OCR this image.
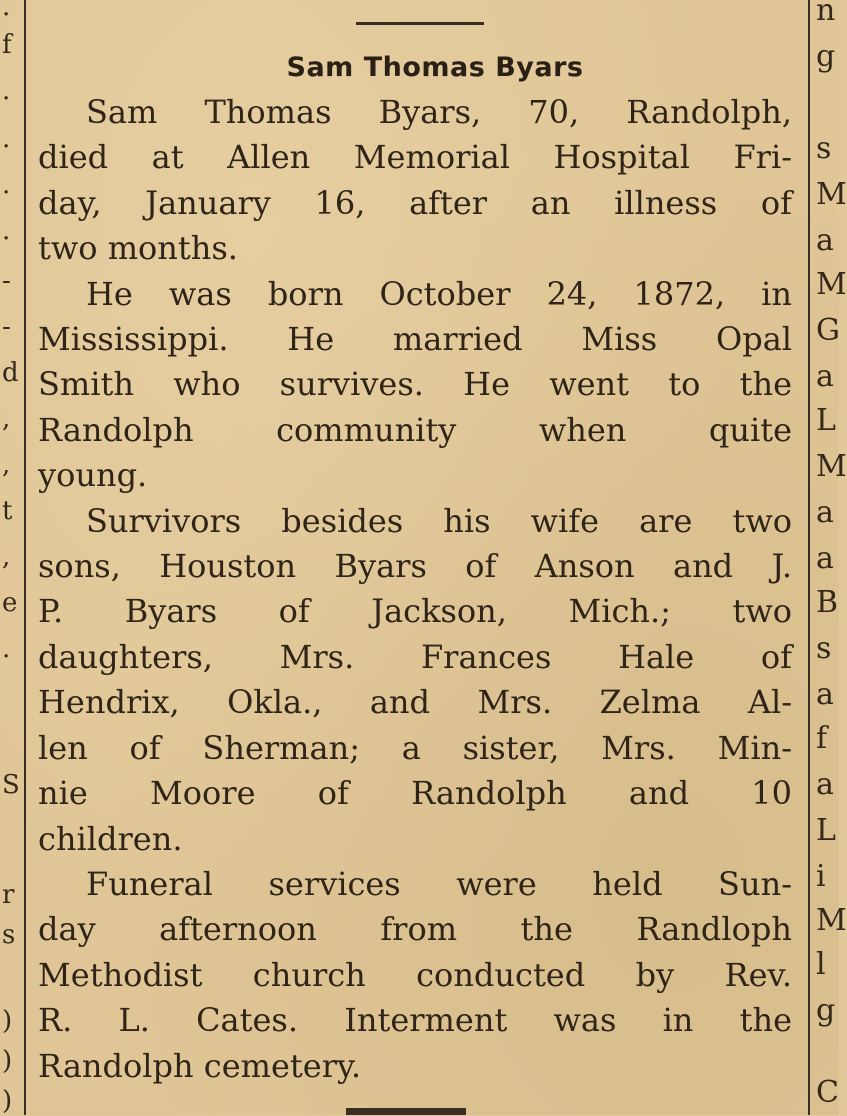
.
f
.
.
.
.
-
-
d
,
,
t
,
e
.
S
r
s
)
)
)
Sam Thomas Byars
Sam Thomas Byars, 70, Randolph,
died at Allen Memorial Hospital Fri-
day, January 16, after an illness of
two months.
He was born October 24, 1872, in
Mississippi. He married Miss Opal
Smith who survives. He went to the
Randolph community when quite
young.
Survivors besides his wife are two
sons, Houston Byars of Anson and J.
P. Byars of Jackson, Mich.; two
daughters, Mrs. Frances Hale of
Hendrix, Okla., and Mrs. Zelma Al-
len of Sherman; a sister, Mrs. Min-
nie Moore of Randolph and 10
children.
Funeral services were held Sun-
day afternoon from the Randloph
Methodist church conducted by Rev.
R. L. Cates. Interment was in the
Randolph cemetery.
n
g
s
M
a
M
G
a
L
M
a
a
B
s
a
f
a
L
i
M
l
g
C
